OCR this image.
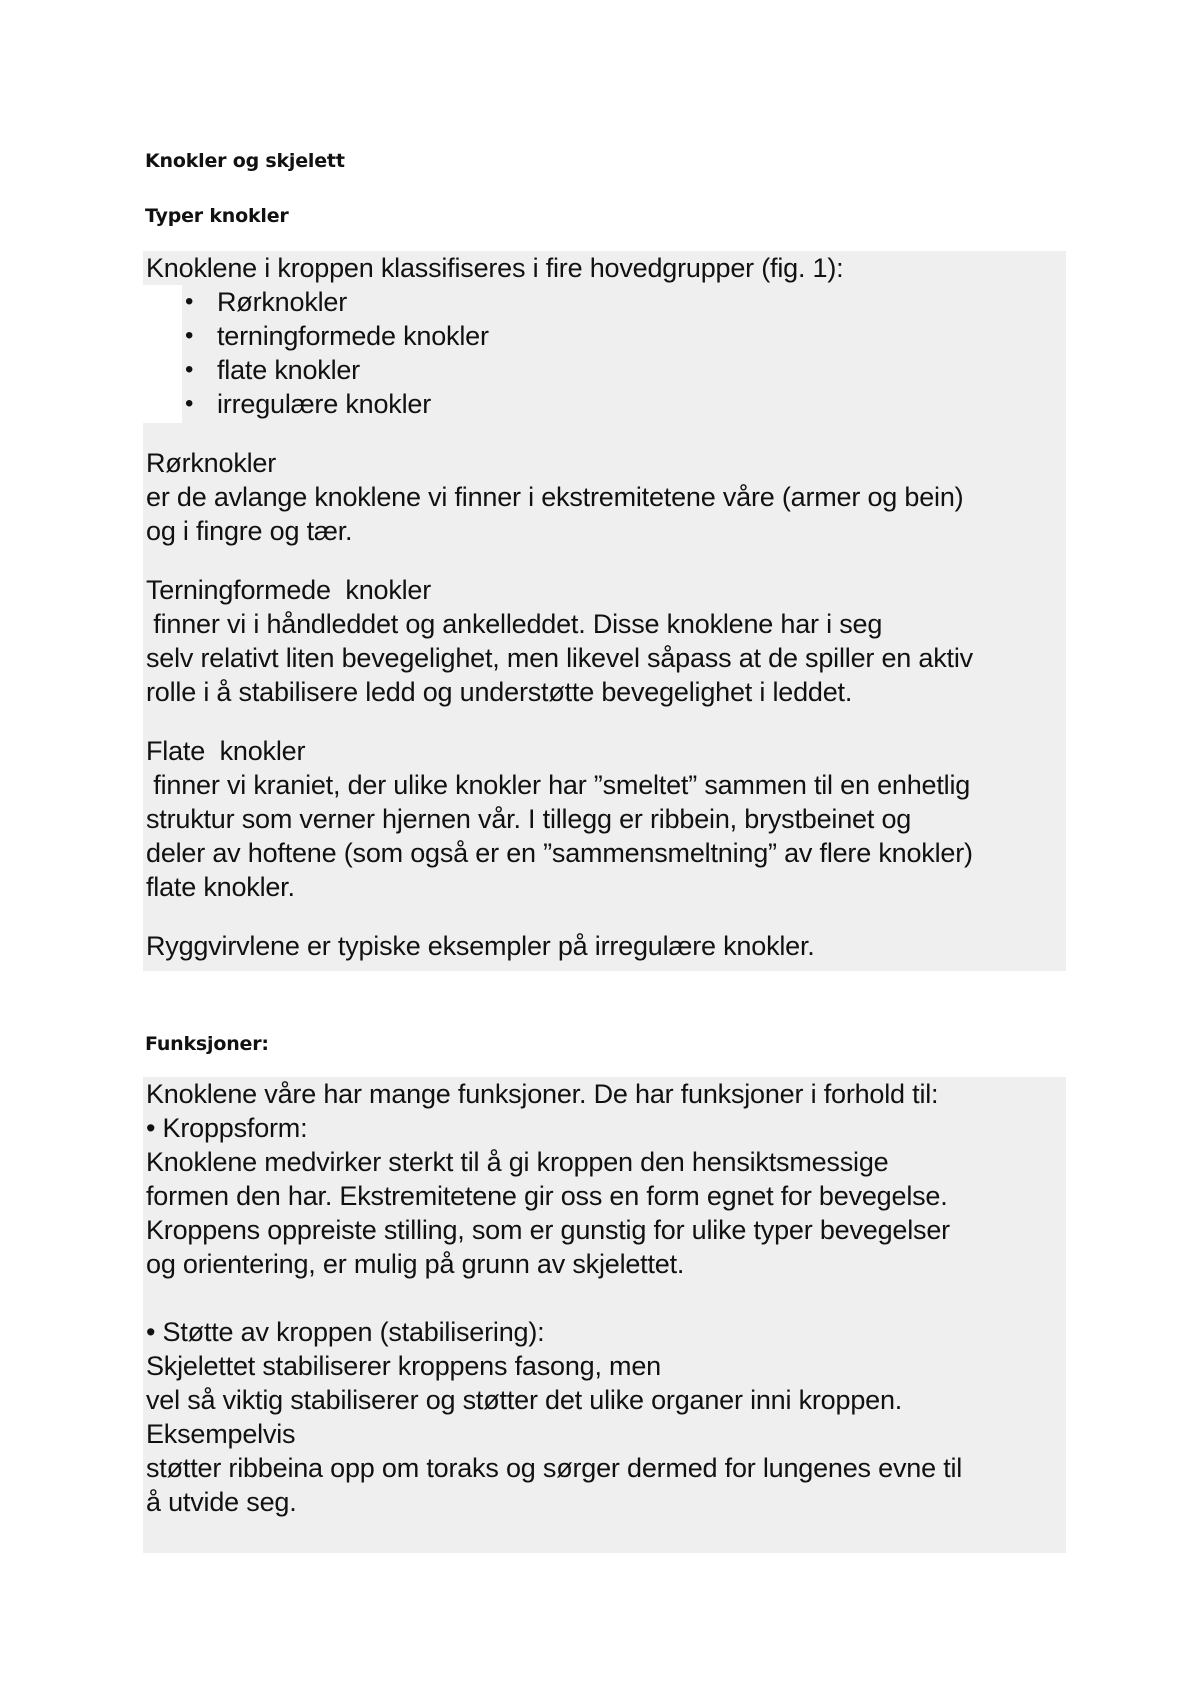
Knokler og skjelett
Typer knokler

Knoklene i kroppen klassifiseres i fire hovedgrupper (fig. 1):

• Rørknokler
• terningformede knokler
• flate knokler
• irregulære knokler

Rørknokler

er de avlange knoklene vi finner i ekstremitetene våre (armer og bein)

og i fingre og tær.

Terningformede  knokler

finner vi i håndleddet og ankelleddet. Disse knoklene har i seg

selv relativt liten bevegelighet, men likevel såpass at de spiller en aktiv

rolle i å stabilisere ledd og understøtte bevegelighet i leddet.

Flate  knokler

finner vi kraniet, der ulike knokler har ”smeltet” sammen til en enhetlig

struktur som verner hjernen vår. I tillegg er ribbein, brystbeinet og

deler av hoftene (som også er en ”sammensmeltning” av flere knokler)

flate knokler.

Ryggvirvlene er typiske eksempler på irregulære knokler.

Funksjoner:

Knoklene våre har mange funksjoner. De har funksjoner i forhold til:

• Kroppsform:

Knoklene medvirker sterkt til å gi kroppen den hensiktsmessige

formen den har. Ekstremitetene gir oss en form egnet for bevegelse.

Kroppens oppreiste stilling, som er gunstig for ulike typer bevegelser

og orientering, er mulig på grunn av skjelettet.

• Støtte av kroppen (stabilisering):

Skjelettet stabiliserer kroppens fasong, men

vel så viktig stabiliserer og støtter det ulike organer inni kroppen.

Eksempelvis

støtter ribbeina opp om toraks og sørger dermed for lungenes evne til

å utvide seg.
